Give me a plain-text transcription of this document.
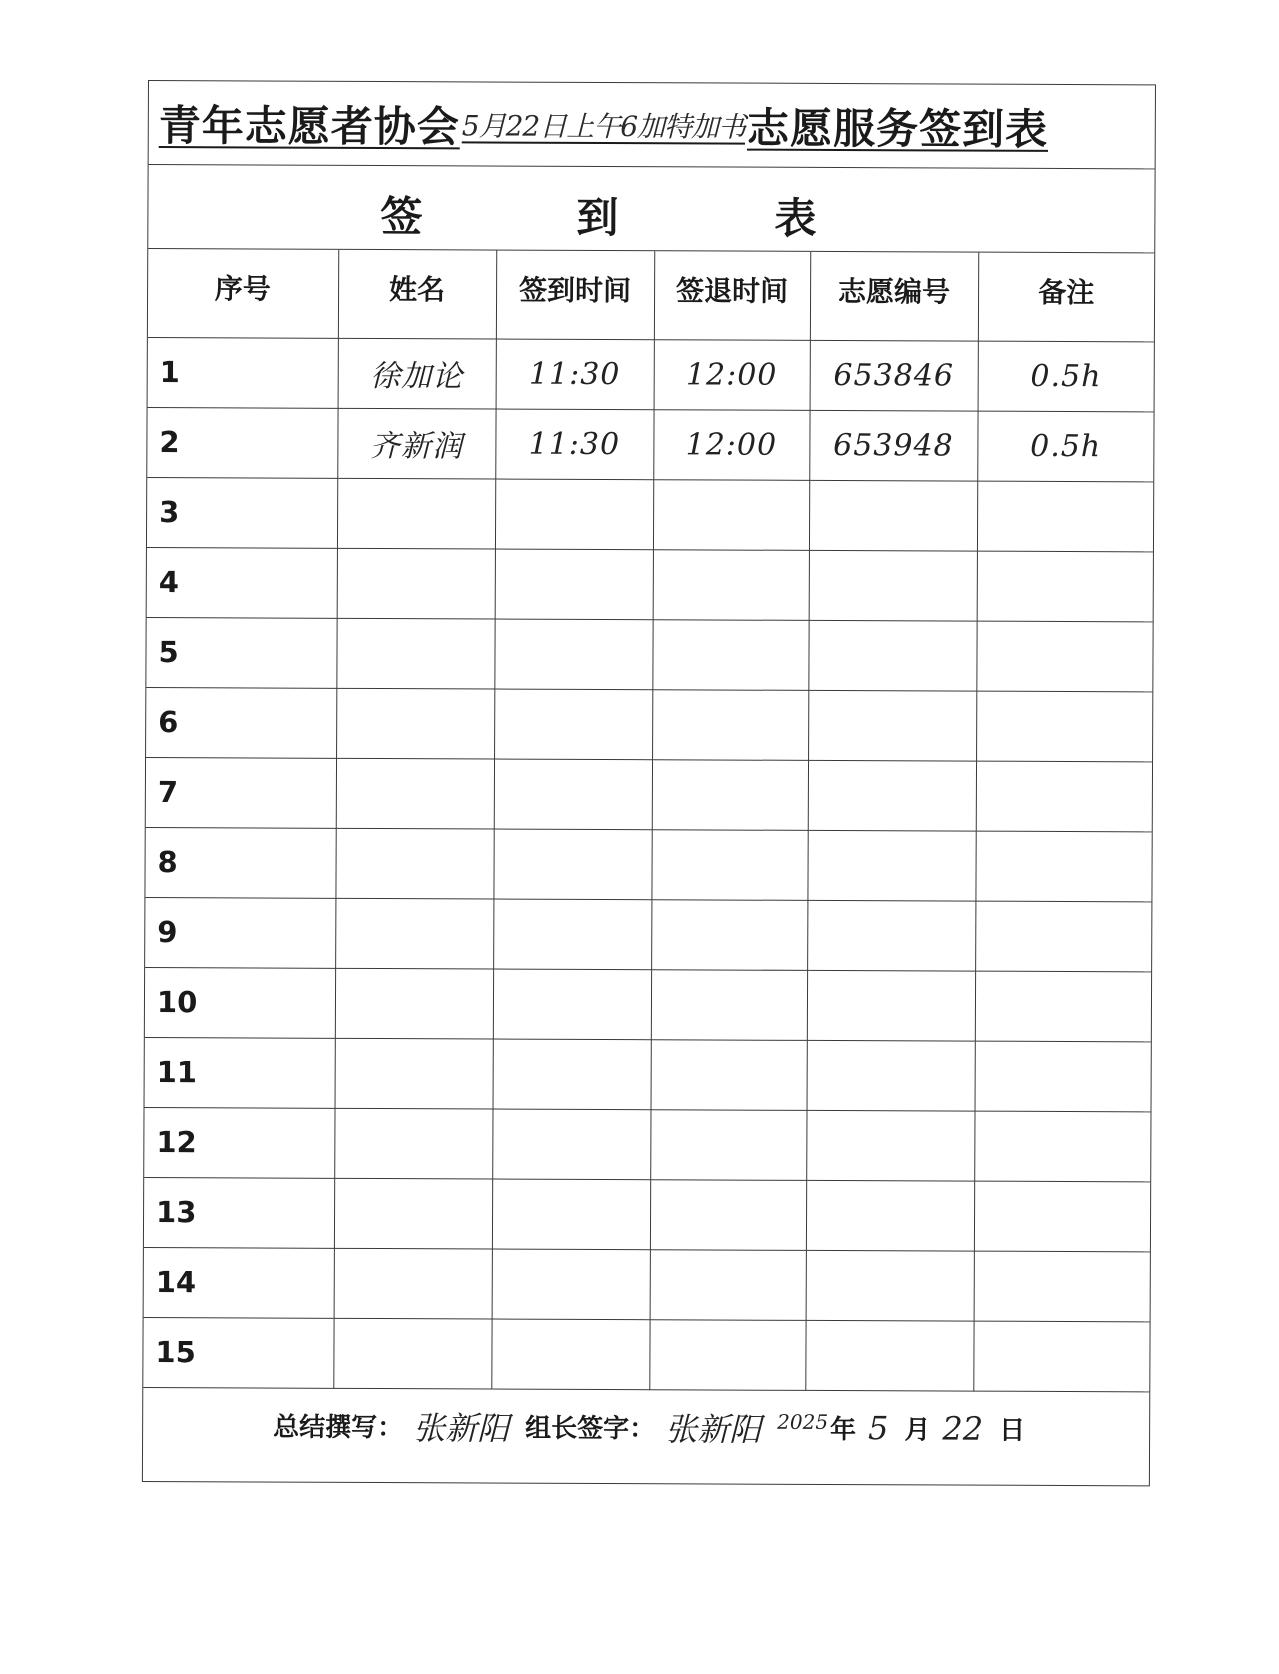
青年志愿者协会 5月22日上午6加特加书 志愿服务签到表
签	到	表
序号	姓名	签到时间	签退时间	志愿编号	备注
1	徐加论	11:30	12:00	653846	0.5h
2	齐新润	11:30	12:00	653948	0.5h
3					
4					
5					
6					
7					
8					
9					
10					
11					
12					
13					
14					
15					
总结撰写： 张新阳 组长签字： 张新阳 2025 年 5 月 22 日
